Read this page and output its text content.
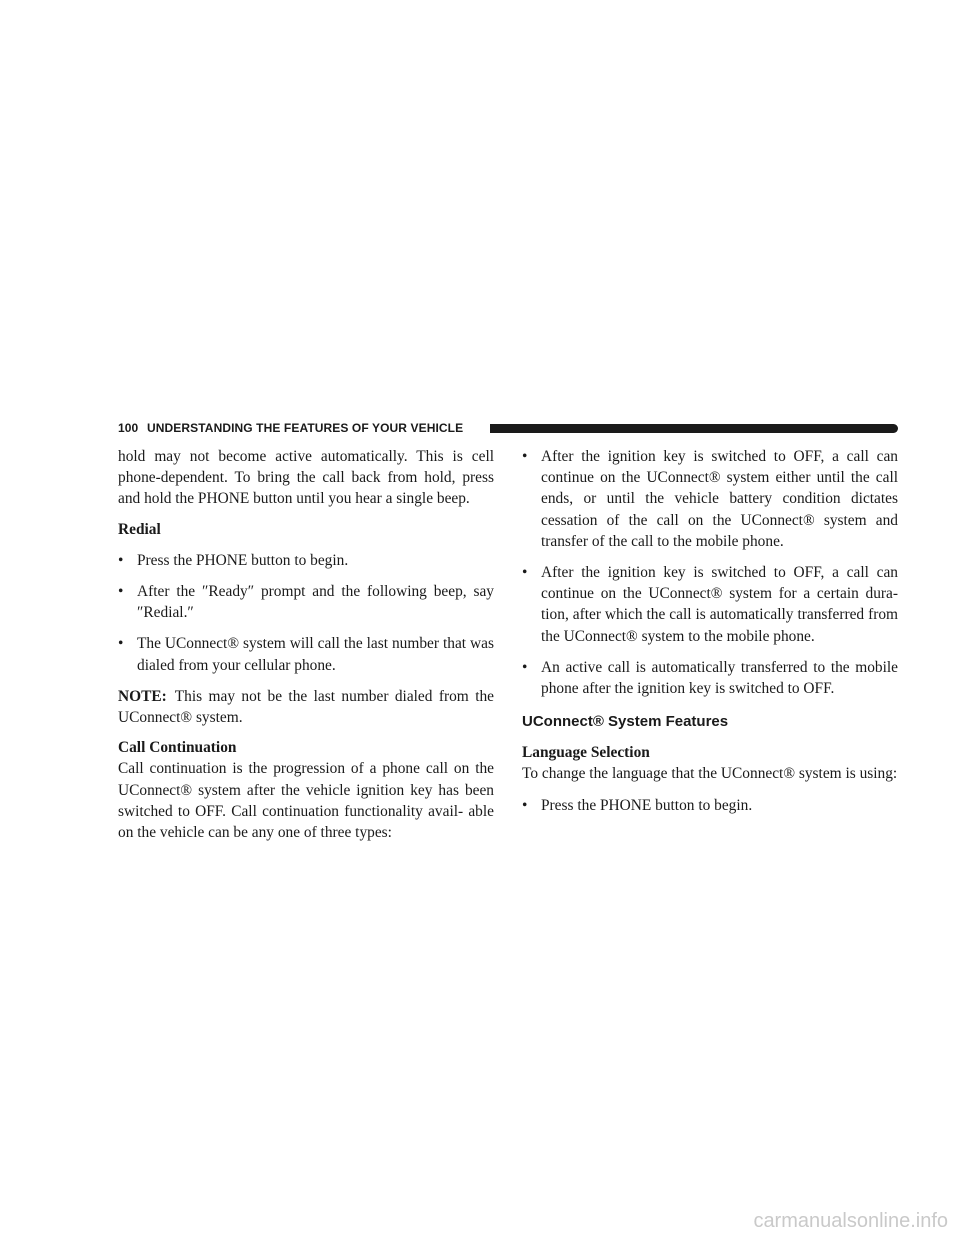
100 UNDERSTANDING THE FEATURES OF YOUR VEHICLE

hold may not become active automatically. This is cell phone-dependent. To bring the call back from hold, press and hold the PHONE button until you hear a single beep.

Redial

• Press the PHONE button to begin.
• After the ″Ready″ prompt and the following beep, say ″Redial.″
• The UConnect® system will call the last number that was dialed from your cellular phone.

NOTE: This may not be the last number dialed from the UConnect® system.

Call Continuation

Call continuation is the progression of a phone call on the UConnect® system after the vehicle ignition key has been switched to OFF. Call continuation functionality avail- able on the vehicle can be any one of three types:

• After the ignition key is switched to OFF, a call can continue on the UConnect® system either until the call ends, or until the vehicle battery condition dictates cessation of the call on the UConnect® system and transfer of the call to the mobile phone.
• After the ignition key is switched to OFF, a call can continue on the UConnect® system for a certain dura- tion, after which the call is automatically transferred from the UConnect® system to the mobile phone.
• An active call is automatically transferred to the mobile phone after the ignition key is switched to OFF.
UConnect® System Features

Language Selection

To change the language that the UConnect® system is using:

• Press the PHONE button to begin.
carmanualsonline.info
